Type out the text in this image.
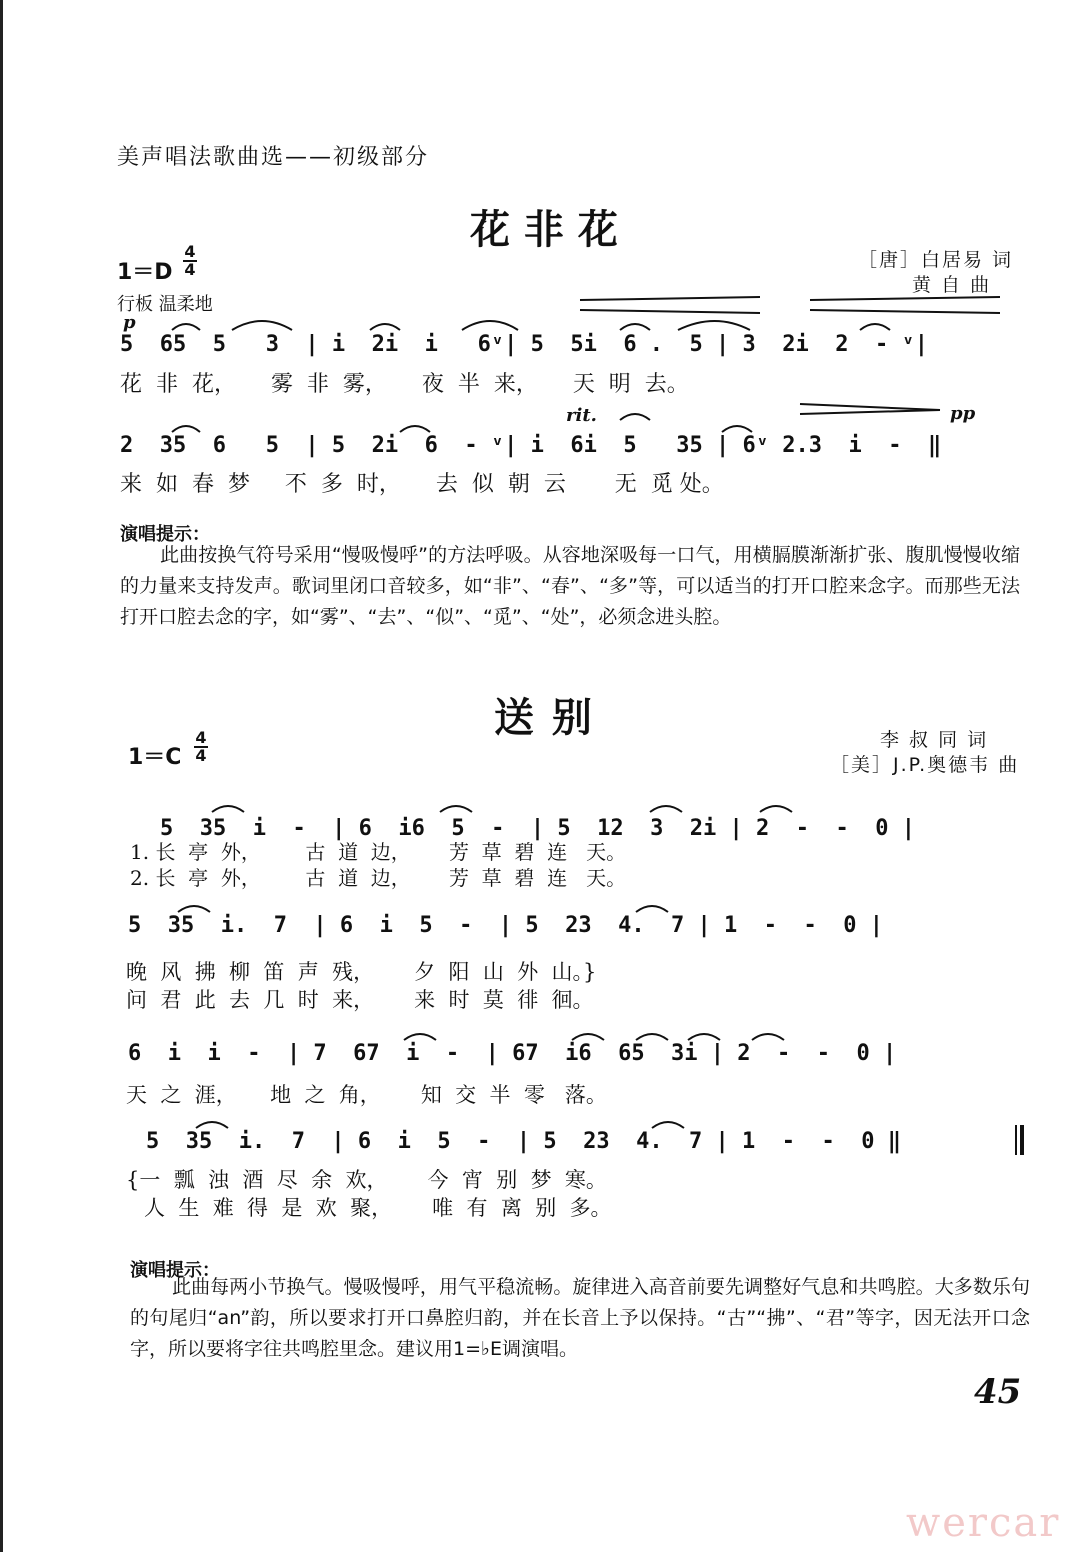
美声唱法歌曲选——初级部分
花 非 花
$1=D \frac{4}{4}$
行板 温柔地
［唐］白居易 词
黄 自 曲
p
5  65  5   3  | i  2i  i   6ᵛ| 5  5i  6 .  5 | 3  2i  2  - ᵛ|
花  非  花，     雾  非  雾，     夜  半  来，     天  明  去。
rit.	pp
2  35  6   5  | 5  2i  6  - ᵛ| i  6i  5   35 | 6ᵛ 2.3  i  -  ‖
来  如  春  梦     不  多  时，     去  似  朝  云       无  觅 处。
演唱提示：
此曲按换气符号采用“慢吸慢呼”的方法呼吸。从容地深吸每一口气，用横膈膜渐渐扩张、腹肌慢慢收缩的力量来支持发声。歌词里闭口音较多，如“非”、“春”、“多”等，可以适当的打开口腔来念字。而那些无法打开口腔去念的字，如“雾”、“去”、“似”、“觅”、“处”，必须念进头腔。
送 别
$1=C \frac{4}{4}$	李 叔 同 词
［美］J.P.奥德韦 曲
5  35  i  -  | 6  i6  5  -  | 5  12  3  2i | 2  -  -  0 |
1. 长  亭  外，       古  道  边，      芳  草  碧  连   天。
2. 长  亭  外，       古  道  边，      芳  草  碧  连   天。
5  35  i.  7  | 6  i  5  -  | 5  23  4.  7 | 1  -  -  0 |
晚  风  拂  柳  笛  声  残，      夕  阳  山  外  山。}
问  君  此  去  几  时  来，      来  时  莫  徘  徊。
6  i  i  -  | 7  67  i  -  | 67  i6  65  3i | 2  -  -  0 |
天  之  涯，     地  之  角，      知  交  半  零   落。
5  35  i.  7  | 6  i  5  -  | 5  23  4.  7 | 1  -  -  0 ‖
{一  瓢  浊  酒  尽  余  欢，      今  宵  别  梦  寒。
人  生  难  得  是  欢  聚，      唯  有  离  别  多。
演唱提示：
此曲每两小节换气。慢吸慢呼，用气平稳流畅。旋律进入高音前要先调整好气息和共鸣腔。大多数乐句的句尾归“an”韵，所以要求打开口鼻腔归韵，并在长音上予以保持。“古”“拂”、“君”等字，因无法开口念字，所以要将字往共鸣腔里念。建议用1=♭E调演唱。
45
wercar
